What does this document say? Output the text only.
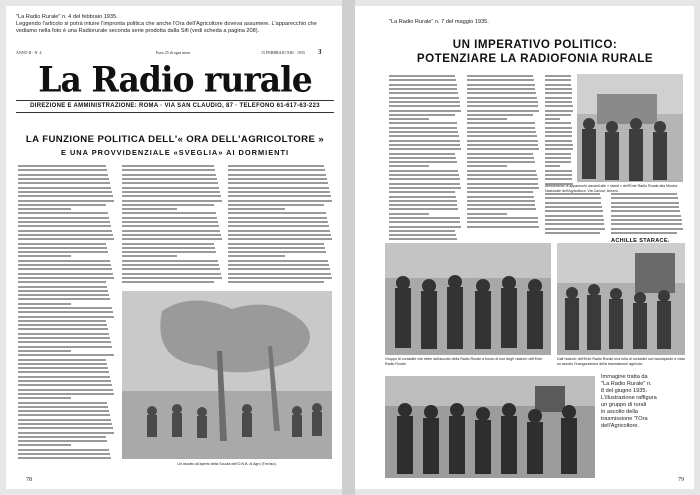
"La Radio Rurale" n. 4 del febbraio 1935.
Leggendo l'articolo si potrà intuire l'impronta politica che anche l'Ora dell'Agricoltore doveva assumere. L'apparecchio che
vediamo nella foto è una Radiorurale seconda serie prodotta dalla Sifi (vedi scheda a pagina 208).
ANNO II · N. 4	Euro 25 di ogni mese	15 FEBBRAIO XIII · 1935 3
La Radio rurale
DIREZIONE E AMMINISTRAZIONE: ROMA · VIA SAN CLAUDIO, 87 · TELEFONO 61-617-63-223
LA FUNZIONE POLITICA DELL'« ORA DELL'AGRICOLTORE »
E UNA PROVVIDENZIALE «SVEGLIA» AI DORMIENTI
Un ascolto all'aperto della Scuola dell'O.N.B. di Agro (Treviso).
78
"La Radio Rurale" n. 7 del maggio 1935.
UN IMPERATIVO POLITICO:
POTENZIARE LA RADIOFONIA RURALE
Allestimento di apparecchi davanti alle « stand » dell'Ente Radio Rurale alla Mostra Nazionale dell'Agricoltura. Via Cavour, Arezzo.
Gruppo di contadini che ebbe dall'ascolto della Radio Rurale a bordo di uno degli «stand» dell'Ente Radio Rurale.
Dall'«stand» dell'Ente Radio Rurale una folla di contadini sul marciapiede a vista su ascolto l'inaugurazione della trasmissione agricola.
ACHILLE STARACE.
Immagine tratta da
"La Radio Rurale" n.
8 del giugno 1935.
L'illustrazione raffigura
un gruppo di rurali
in ascolto della
trasmissione "l'Ora
dell'Agricoltore.
79
